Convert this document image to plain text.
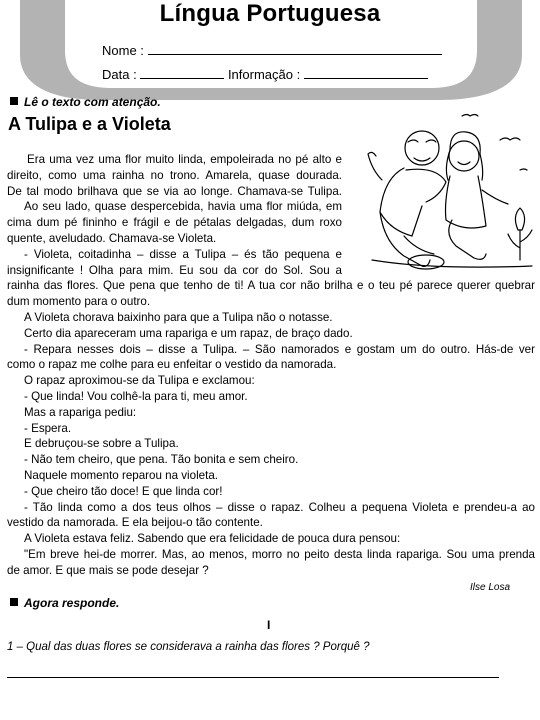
Língua Portuguesa
Nome :
Data :	Informação :
Lê o texto com atenção.
A Tulipa e a Violeta
Era uma vez uma flor muito linda, empoleirada no pé alto e
direito, como uma rainha no trono. Amarela, quase dourada.
De tal modo brilhava que se via ao longe. Chamava-se Tulipa.
Ao seu lado, quase despercebida, havia uma flor miúda, em
cima dum pé fininho e frágil e de pétalas delgadas, dum roxo
quente, aveludado. Chamava-se Violeta.
- Violeta, coitadinha – disse a Tulipa – és tão pequena e
insignificante ! Olha para mim. Eu sou da cor do Sol. Sou a
rainha das flores. Que pena que tenho de ti! A tua cor não brilha e o teu pé parece querer quebrar
dum momento para o outro.
A Violeta chorava baixinho para que a Tulipa não o notasse.
Certo dia apareceram uma rapariga e um rapaz, de braço dado.
- Repara nesses dois – disse a Tulipa. – São namorados e gostam um do outro. Hás-de ver
como o rapaz me colhe para eu enfeitar o vestido da namorada.
O rapaz aproximou-se da Tulipa e exclamou:
- Que linda! Vou colhê-la para ti, meu amor.
Mas a rapariga pediu:
- Espera.
E debruçou-se sobre a Tulipa.
- Não tem cheiro, que pena. Tão bonita e sem cheiro.
Naquele momento reparou na violeta.
- Que cheiro tão doce! E que linda cor!
- Tão linda como a dos teus olhos – disse o rapaz. Colheu a pequena Violeta e prendeu-a ao
vestido da namorada. E ela beijou-o tão contente.
A Violeta estava feliz. Sabendo que era felicidade de pouca dura pensou:
"Em breve hei-de morrer. Mas, ao menos, morro no peito desta linda rapariga. Sou uma prenda
de amor. E que mais se pode desejar ?
Ilse Losa
Agora responde.
I
1 – Qual das duas flores se considerava a rainha das flores ? Porquê ?
